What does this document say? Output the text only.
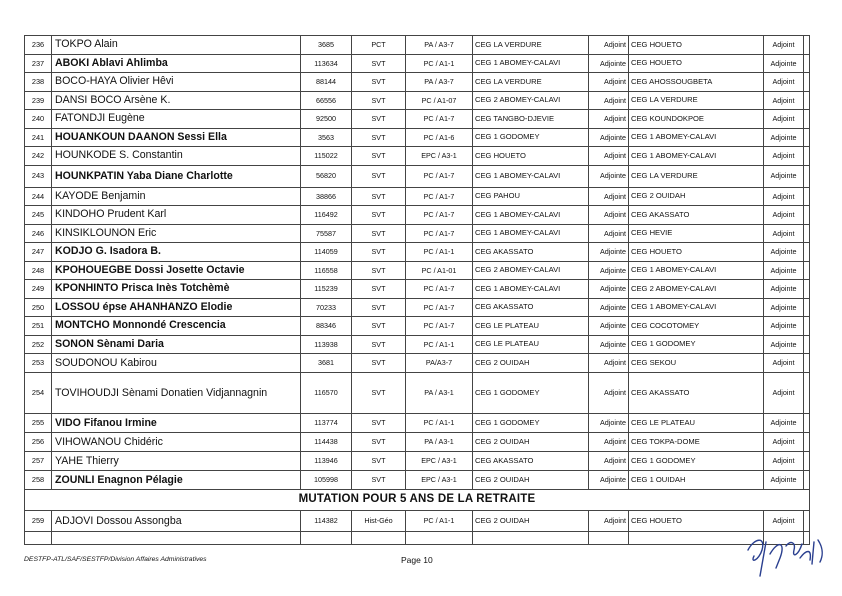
236	TOKPO Alain	3685	PCT	PA / A3-7	CEG LA VERDURE	Adjoint	CEG HOUETO	Adjoint	
237	ABOKI Ablavi Ahlimba	113634	SVT	PC / A1-1	CEG 1 ABOMEY-CALAVI	Adjointe	CEG HOUETO	Adjointe	
238	BOCO-HAYA Olivier Hêvi	88144	SVT	PA / A3-7	CEG LA VERDURE	Adjoint	CEG AHOSSOUGBETA	Adjoint	
239	DANSI BOCO Arsène K.	66556	SVT	PC / A1-07	CEG 2 ABOMEY-CALAVI	Adjoint	CEG LA VERDURE	Adjoint	
240	FATONDJI Eugène	92500	SVT	PC / A1-7	CEG TANGBO-DJEVIE	Adjoint	CEG KOUNDOKPOE	Adjoint	
241	HOUANKOUN DAANON Sessi Ella	3563	SVT	PC / A1-6	CEG 1 GODOMEY	Adjointe	CEG 1 ABOMEY-CALAVI	Adjointe	
242	HOUNKODE S. Constantin	115022	SVT	EPC / A3-1	CEG HOUETO	Adjoint	CEG 1 ABOMEY-CALAVI	Adjoint	
243	HOUNKPATIN Yaba Diane Charlotte	56820	SVT	PC / A1-7	CEG 1 ABOMEY-CALAVI	Adjointe	CEG LA VERDURE	Adjointe	
244	KAYODE Benjamin	38866	SVT	PC / A1-7	CEG PAHOU	Adjoint	CEG 2 OUIDAH	Adjoint	
245	KINDOHO Prudent Karl	116492	SVT	PC / A1-7	CEG 1 ABOMEY-CALAVI	Adjoint	CEG AKASSATO	Adjoint	
246	KINSIKLOUNON Eric	75587	SVT	PC / A1-7	CEG 1 ABOMEY-CALAVI	Adjoint	CEG HEVIE	Adjoint	
247	KODJO G. Isadora B.	114059	SVT	PC / A1-1	CEG AKASSATO	Adjointe	CEG HOUETO	Adjointe	
248	KPOHOUEGBE Dossi Josette Octavie	116558	SVT	PC / A1-01	CEG 2 ABOMEY-CALAVI	Adjointe	CEG 1 ABOMEY-CALAVI	Adjointe	
249	KPONHINTO Prisca Inès Totchèmè	115239	SVT	PC / A1-7	CEG 1 ABOMEY-CALAVI	Adjointe	CEG 2 ABOMEY-CALAVI	Adjointe	
250	LOSSOU épse AHANHANZO Elodie	70233	SVT	PC / A1-7	CEG AKASSATO	Adjointe	CEG 1 ABOMEY-CALAVI	Adjointe	
251	MONTCHO Monnondé Crescencia	88346	SVT	PC / A1-7	CEG LE PLATEAU	Adjointe	CEG COCOTOMEY	Adjointe	
252	SONON Sènami Daria	113938	SVT	PC / A1-1	CEG LE PLATEAU	Adjointe	CEG 1 GODOMEY	Adjointe	
253	SOUDONOU Kabirou	3681	SVT	PA/A3-7	CEG 2 OUIDAH	Adjoint	CEG SEKOU	Adjoint	
254	TOVIHOUDJI Sènami Donatien Vidjannagnin	116570	SVT	PA / A3-1	CEG 1 GODOMEY	Adjoint	CEG AKASSATO	Adjoint	
255	VIDO Fifanou Irmine	113774	SVT	PC / A1-1	CEG 1 GODOMEY	Adjointe	CEG LE PLATEAU	Adjointe	
256	VIHOWANOU Chidéric	114438	SVT	PA / A3-1	CEG 2 OUIDAH	Adjoint	CEG TOKPA-DOME	Adjoint	
257	YAHE Thierry	113946	SVT	EPC / A3-1	CEG AKASSATO	Adjoint	CEG 1 GODOMEY	Adjoint	
258	ZOUNLI Enagnon Pélagie	105998	SVT	EPC / A3-1	CEG 2 OUIDAH	Adjointe	CEG 1 OUIDAH	Adjointe	
MUTATION POUR 5 ANS DE LA RETRAITE									
259	ADJOVI Dossou Assongba	114382	Hist-Géo	PC / A1-1	CEG 2 OUIDAH	Adjoint	CEG HOUETO	Adjoint	

DESTFP-ATL/SAF/SESTFP/Division Affaires Administratives	Page 10
